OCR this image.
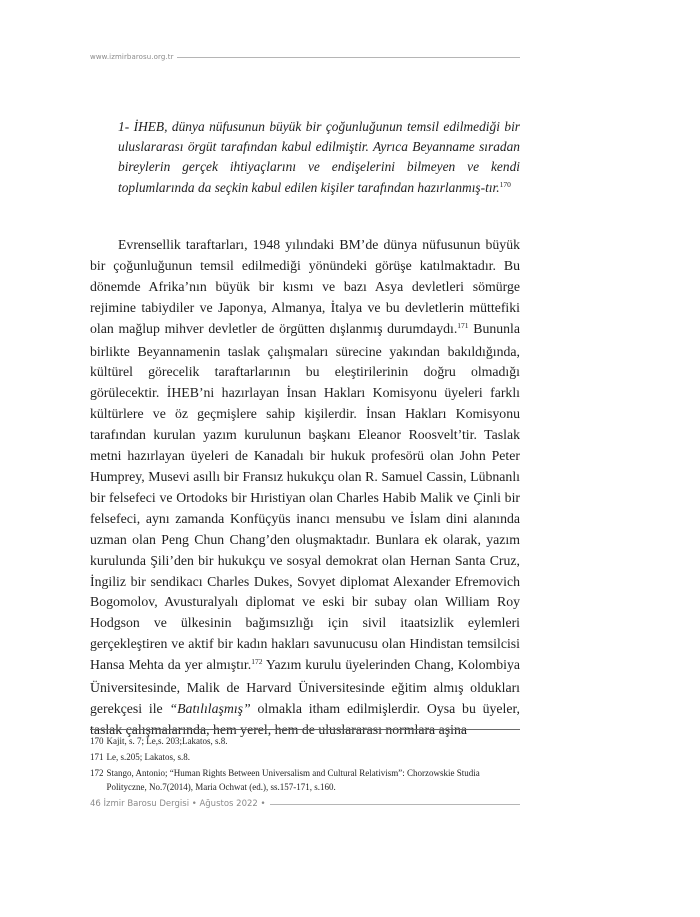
www.izmirbarosu.org.tr

1- İHEB, dünya nüfusunun büyük bir çoğunluğunun temsil edilmediği bir uluslararası örgüt tarafından kabul edilmiştir. Ayrıca Beyanname sıradan bireylerin gerçek ihtiyaçlarını ve endişelerini bilmeyen ve kendi toplumlarında da seçkin kabul edilen kişiler tarafından hazırlanmış-tır.$^{170}$

Evrensellik taraftarları, 1948 yılındaki BM’de dünya nüfusunun büyük bir çoğunluğunun temsil edilmediği yönündeki görüşe katılmaktadır. Bu dönemde Afrika’nın büyük bir kısmı ve bazı Asya devletleri sömürge rejimine tabiydiler ve Japonya, Almanya, İtalya ve bu devletlerin müttefiki olan mağlup mihver devletler de örgütten dışlanmış durumdaydı.$^{171}$ Bununla birlikte Beyannamenin taslak çalışmaları sürecine yakından bakıldığında, kültürel görecelik taraftarlarının bu eleştirilerinin doğru olmadığı görülecektir. İHEB’ni hazırlayan İnsan Hakları Komisyonu üyeleri farklı kültürlere ve öz geçmişlere sahip kişilerdir. İnsan Hakları Komisyonu tarafından kurulan yazım kurulunun başkanı Eleanor Roosvelt’tir. Taslak metni hazırlayan üyeleri de Kanadalı bir hukuk profesörü olan John Peter Humprey, Musevi asıllı bir Fransız hukukçu olan R. Samuel Cassin, Lübnanlı bir felsefeci ve Ortodoks bir Hıristiyan olan Charles Habib Malik ve Çinli bir felsefeci, aynı zamanda Konfüçyüs inancı mensubu ve İslam dini alanında uzman olan Peng Chun Chang’den oluşmaktadır. Bunlara ek olarak, yazım kurulunda Şili’den bir hukukçu ve sosyal demokrat olan Hernan Santa Cruz, İngiliz bir sendikacı Charles Dukes, Sovyet diplomat Alexander Efremovich Bogomolov, Avusturalyalı diplomat ve eski bir subay olan William Roy Hodgson ve ülkesinin bağımsızlığı için sivil itaatsizlik eylemleri gerçekleştiren ve aktif bir kadın hakları savunucusu olan Hindistan temsilcisi Hansa Mehta da yer almıştır.$^{172}$ Yazım kurulu üyelerinden Chang, Kolombiya Üniversitesinde, Malik de Harvard Üniversitesinde eğitim almış oldukları gerekçesi ile “Batılılaşmış” olmakla itham edilmişlerdir. Oysa bu üyeler, taslak çalışmalarında, hem yerel, hem de uluslararası normlara aşina

170 Kajit, s. 7; Le,s. 203;Lakatos, s.8.
171 Le, s.205; Lakatos, s.8.
172 Stango, Antonio; “Human Rights Between Universalism and Cultural Relativism”: Chorzowskie Studia Polityczne, No.7(2014), Maria Ochwat (ed.), ss.157-171, s.160.
46 İzmir Barosu Dergisi • Ağustos 2022 •
